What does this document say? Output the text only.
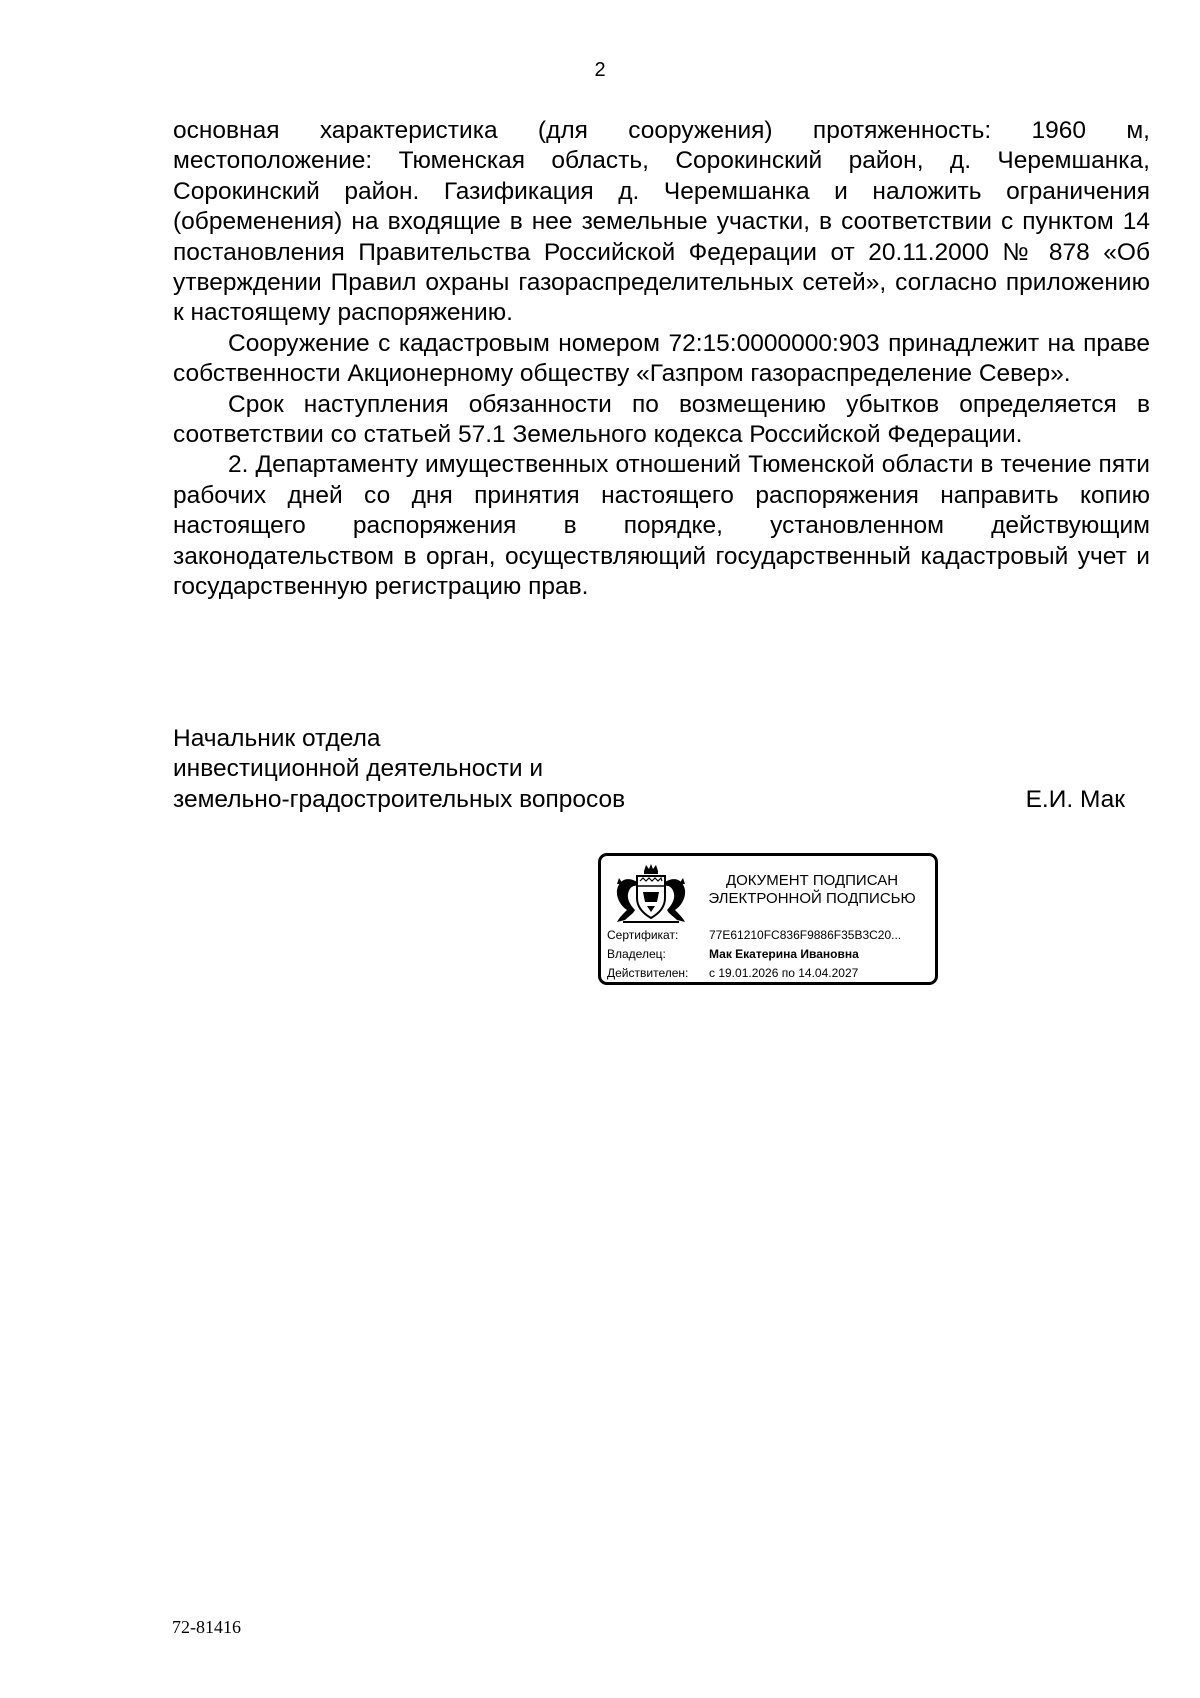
2

основная характеристика (для сооружения) протяженность: 1960 м, местоположение: Тюменская область, Сорокинский район, д. Черемшанка, Сорокинский район. Газификация д. Черемшанка и наложить ограничения (обременения) на входящие в нее земельные участки, в соответствии с пунктом 14 постановления Правительства Российской Федерации от 20.11.2000 № 878 «Об утверждении Правил охраны газораспределительных сетей», согласно приложению к настоящему распоряжению.

Сооружение с кадастровым номером 72:15:0000000:903 принадлежит на праве собственности Акционерному обществу «Газпром газораспределение Север».

Срок наступления обязанности по возмещению убытков определяется в соответствии со статьей 57.1 Земельного кодекса Российской Федерации.

2. Департаменту имущественных отношений Тюменской области в течение пяти рабочих дней со дня принятия настоящего распоряжения направить копию настоящего распоряжения в порядке, установленном действующим законодательством в орган, осуществляющий государственный кадастровый учет и государственную регистрацию прав.

Начальник отдела
инвестиционной деятельности и
земельно-градостроительных вопросов	Е.И. Мак
ДОКУМЕНТ ПОДПИСАН
ЭЛЕКТРОННОЙ ПОДПИСЬЮ
Сертификат:	77E61210FC836F9886F35B3C20...
Владелец:	Мак Екатерина Ивановна
Действителен:	с 19.01.2026 по 14.04.2027
72-81416
